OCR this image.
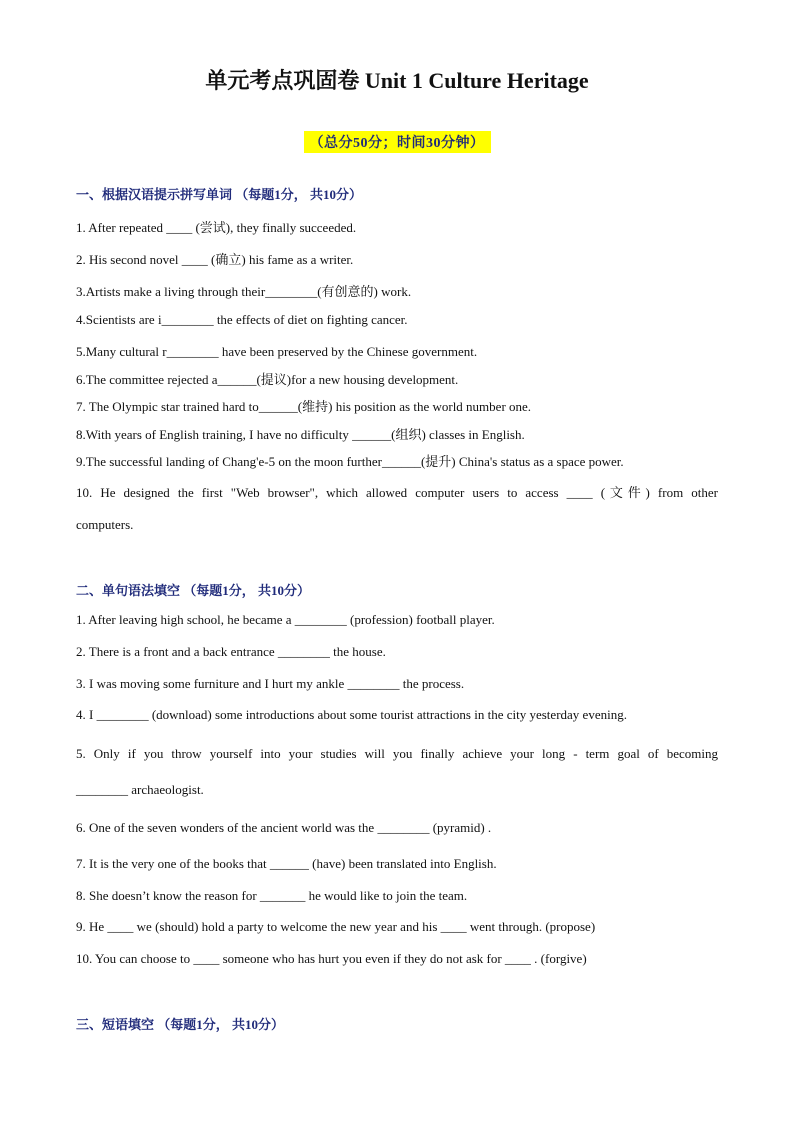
单元考点巩固卷 Unit 1 Culture Heritage
（总分50分；时间30分钟）
一、根据汉语提示拼写单词 （每题1分， 共10分）
1. After repeated ____ (尝试), they finally succeeded.
2. His second novel ____ (确立) his fame as a writer.
3.Artists make a living through their________(有创意的) work.
4.Scientists are i________ the effects of diet on fighting cancer.
5.Many cultural r________ have been preserved by the Chinese government.
6.The committee rejected a______(提议)for a new housing development.
7. The Olympic star trained hard to______(维持) his position as the world number one.
8.With years of English training, I have no difficulty ______(组织) classes in English.
9.The successful landing of Chang'e-5 on the moon further______(提升) China's status as a space power.
10. He designed the first "Web browser", which allowed computer users to access ____ (文件) from other
computers.
二、单句语法填空 （每题1分， 共10分）
1. After leaving high school, he became a ________ (profession) football player.
2. There is a front and a back entrance ________ the house.
3. I was moving some furniture and I hurt my ankle ________ the process.
4. I ________ (download) some introductions about some tourist attractions in the city yesterday evening.
5. Only if you throw yourself into your studies will you finally achieve your long - term goal of becoming
________ archaeologist.
6. One of the seven wonders of the ancient world was the ________ (pyramid) .
7. It is the very one of the books that ______ (have) been translated into English.
8. She doesn’t know the reason for _______ he would like to join the team.
9. He ____ we (should) hold a party to welcome the new year and his ____ went through. (propose)
10. You can choose to ____ someone who has hurt you even if they do not ask for ____ . (forgive)
三、短语填空 （每题1分， 共10分）
